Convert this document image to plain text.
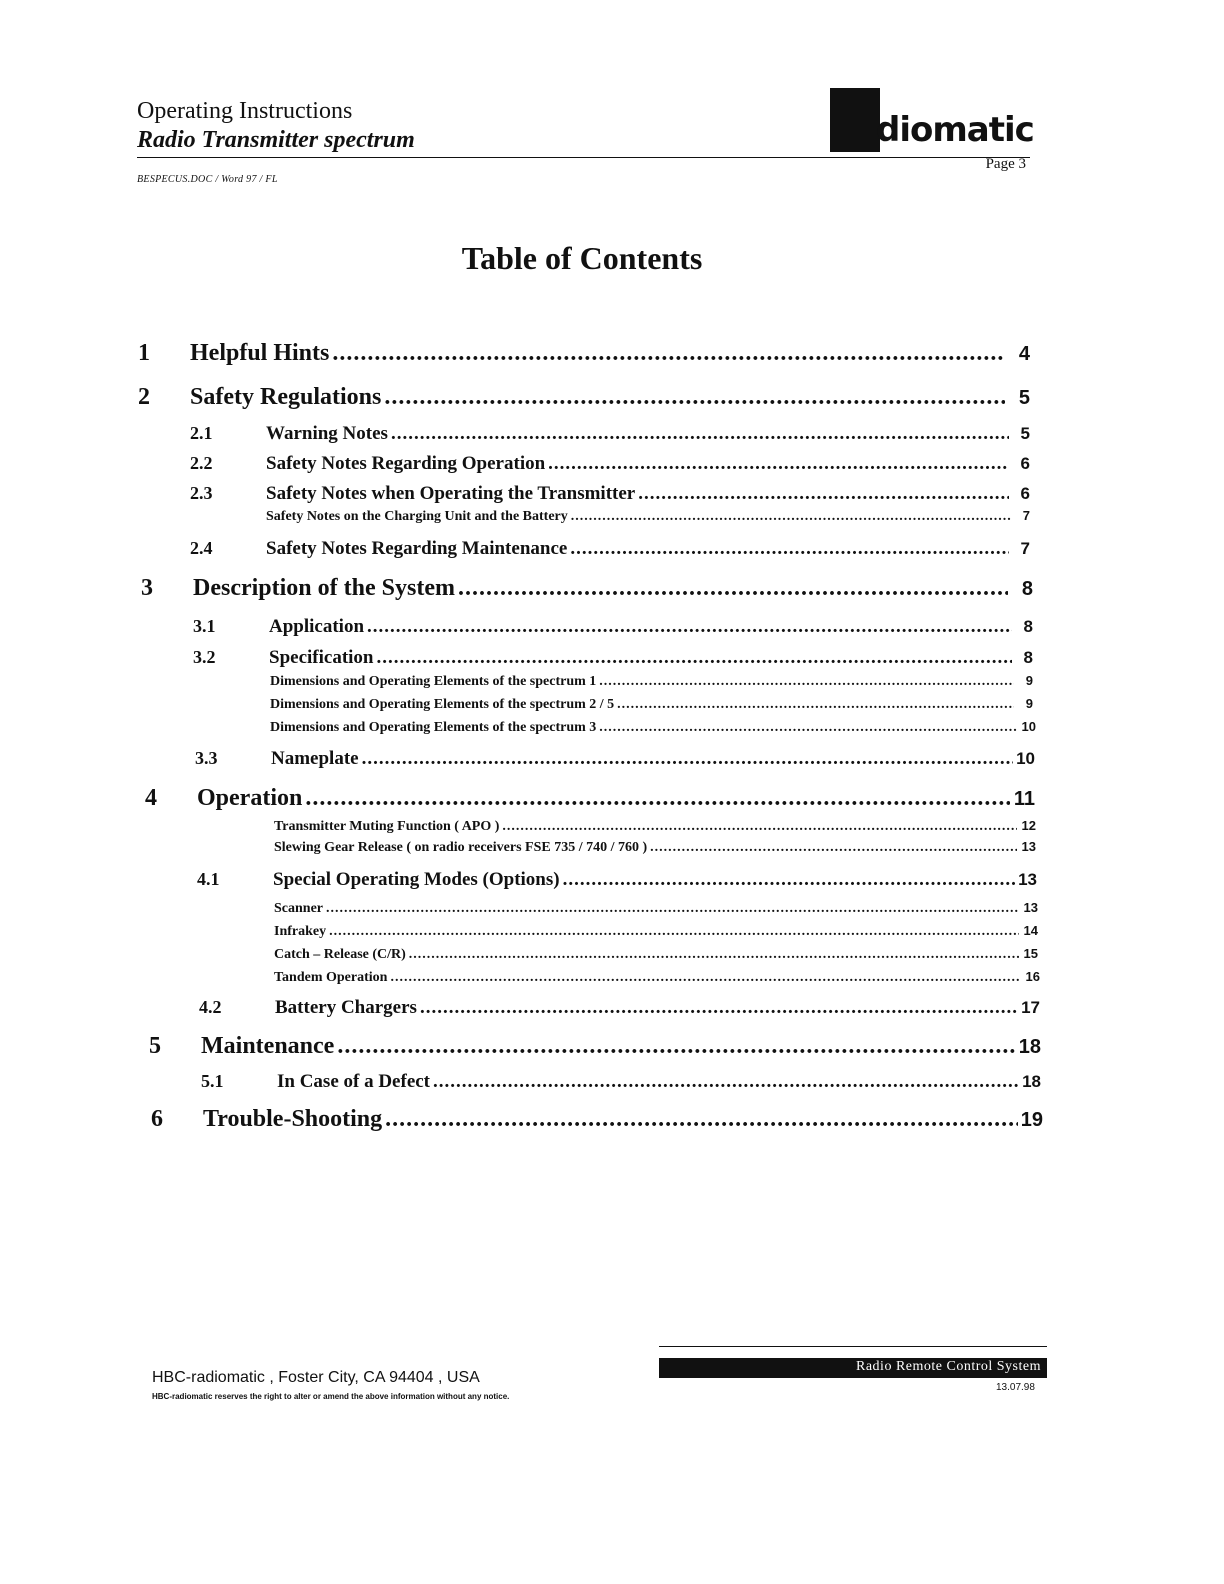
Operating Instructions
Radio Transmitter spectrum
BESPECUS.DOC / Word 97 / FL
diomatic
Page 3
Table of Contents
1	Helpful Hints .....	4
2	Safety Regulations .....	5
2.1	Warning Notes .....	5
2.2	Safety Notes Regarding Operation .....	6
2.3	Safety Notes when Operating the Transmitter .....	6
Safety Notes on the Charging Unit and the Battery .....	7
2.4	Safety Notes Regarding Maintenance .....	7
3	Description of the System .....	8
3.1	Application .....	8
3.2	Specification .....	8
Dimensions and Operating Elements of the spectrum 1 .....	9
Dimensions and Operating Elements of the spectrum 2 / 5 .....	9
Dimensions and Operating Elements of the spectrum 3 .....	10
3.3	Nameplate .....	10
4	Operation .....	11
Transmitter Muting Function ( APO ) .....	12
Slewing Gear Release ( on radio receivers FSE 735 / 740 / 760 ) .....	13
4.1	Special Operating Modes (Options) .....	13
Scanner .....	13
Infrakey .....	14
Catch – Release (C/R) .....	15
Tandem Operation .....	16
4.2	Battery Chargers .....	17
5	Maintenance .....	18
5.1	In Case of a Defect .....	18
6	Trouble-Shooting .....	19
Radio Remote Control System
HBC-radiomatic , Foster City, CA 94404 , USA
HBC-radiomatic reserves the right to alter or amend the above information without any notice.
13.07.98
